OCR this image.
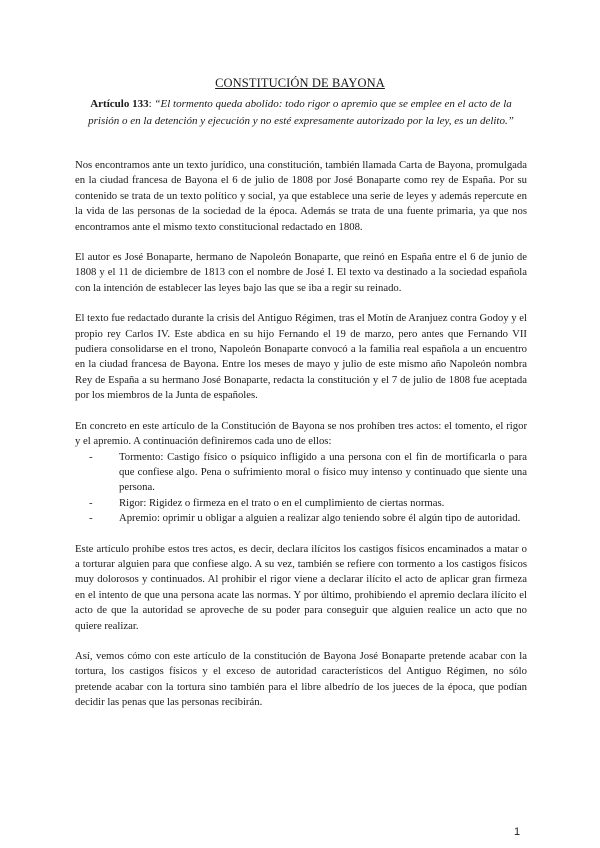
CONSTITUCIÓN DE BAYONA
Artículo 133: “El tormento queda abolido: todo rigor o apremio que se emplee en el acto de la prisión o en la detención y ejecución y no esté expresamente autorizado por la ley, es un delito.”

Nos encontramos ante un texto jurídico, una constitución, también llamada Carta de Bayona, promulgada en la ciudad francesa de Bayona el 6 de julio de 1808 por José Bonaparte como rey de España. Por su contenido se trata de un texto político y social, ya que establece una serie de leyes y además repercute en la vida de las personas de la sociedad de la época. Además se trata de una fuente primaria, ya que nos encontramos ante el mismo texto constitucional redactado en 1808.

El autor es José Bonaparte, hermano de Napoleón Bonaparte, que reinó en España entre el 6 de junio de 1808 y el 11 de diciembre de 1813 con el nombre de José I. El texto va destinado a la sociedad española con la intención de establecer las leyes bajo las que se iba a regir su reinado.

El texto fue redactado durante la crisis del Antiguo Régimen, tras el Motín de Aranjuez contra Godoy y el propio rey Carlos IV. Este abdica en su hijo Fernando el 19 de marzo, pero antes que Fernando VII pudiera consolidarse en el trono, Napoleón Bonaparte convocó a la familia real española a un encuentro en la ciudad francesa de Bayona. Entre los meses de mayo y julio de este mismo año Napoleón nombra Rey de España a su hermano José Bonaparte, redacta la constitución y el 7 de julio de 1808 fue aceptada por los miembros de la Junta de españoles.

En concreto en este artículo de la Constitución de Bayona se nos prohíben tres actos: el tomento, el rigor y el apremio. A continuación definiremos cada uno de ellos:

- Tormento: Castigo físico o psíquico infligido a una persona con el fin de mortificarla o para que confiese algo. Pena o sufrimiento moral o físico muy intenso y continuado que siente una persona.
- Rigor: Rigidez o firmeza en el trato o en el cumplimiento de ciertas normas.
- Apremio: oprimir u obligar a alguien a realizar algo teniendo sobre él algún tipo de autoridad.

Este artículo prohíbe estos tres actos, es decir, declara ilícitos los castigos físicos encaminados a matar o a torturar alguien para que confiese algo. A su vez, también se refiere con tormento a los castigos físicos muy dolorosos y continuados. Al prohibir el rigor viene a declarar ilícito el acto de aplicar gran firmeza en el intento de que una persona acate las normas. Y por último, prohibiendo el apremio declara ilícito el acto de que la autoridad se aproveche de su poder para conseguir que alguien realice un acto que no quiere realizar.

Así, vemos cómo con este artículo de la constitución de Bayona José Bonaparte pretende acabar con la tortura, los castigos físicos y el exceso de autoridad característicos del Antiguo Régimen, no sólo pretende acabar con la tortura sino también para el libre albedrío de los jueces de la época, que podían decidir las penas que las personas recibirán.

1
